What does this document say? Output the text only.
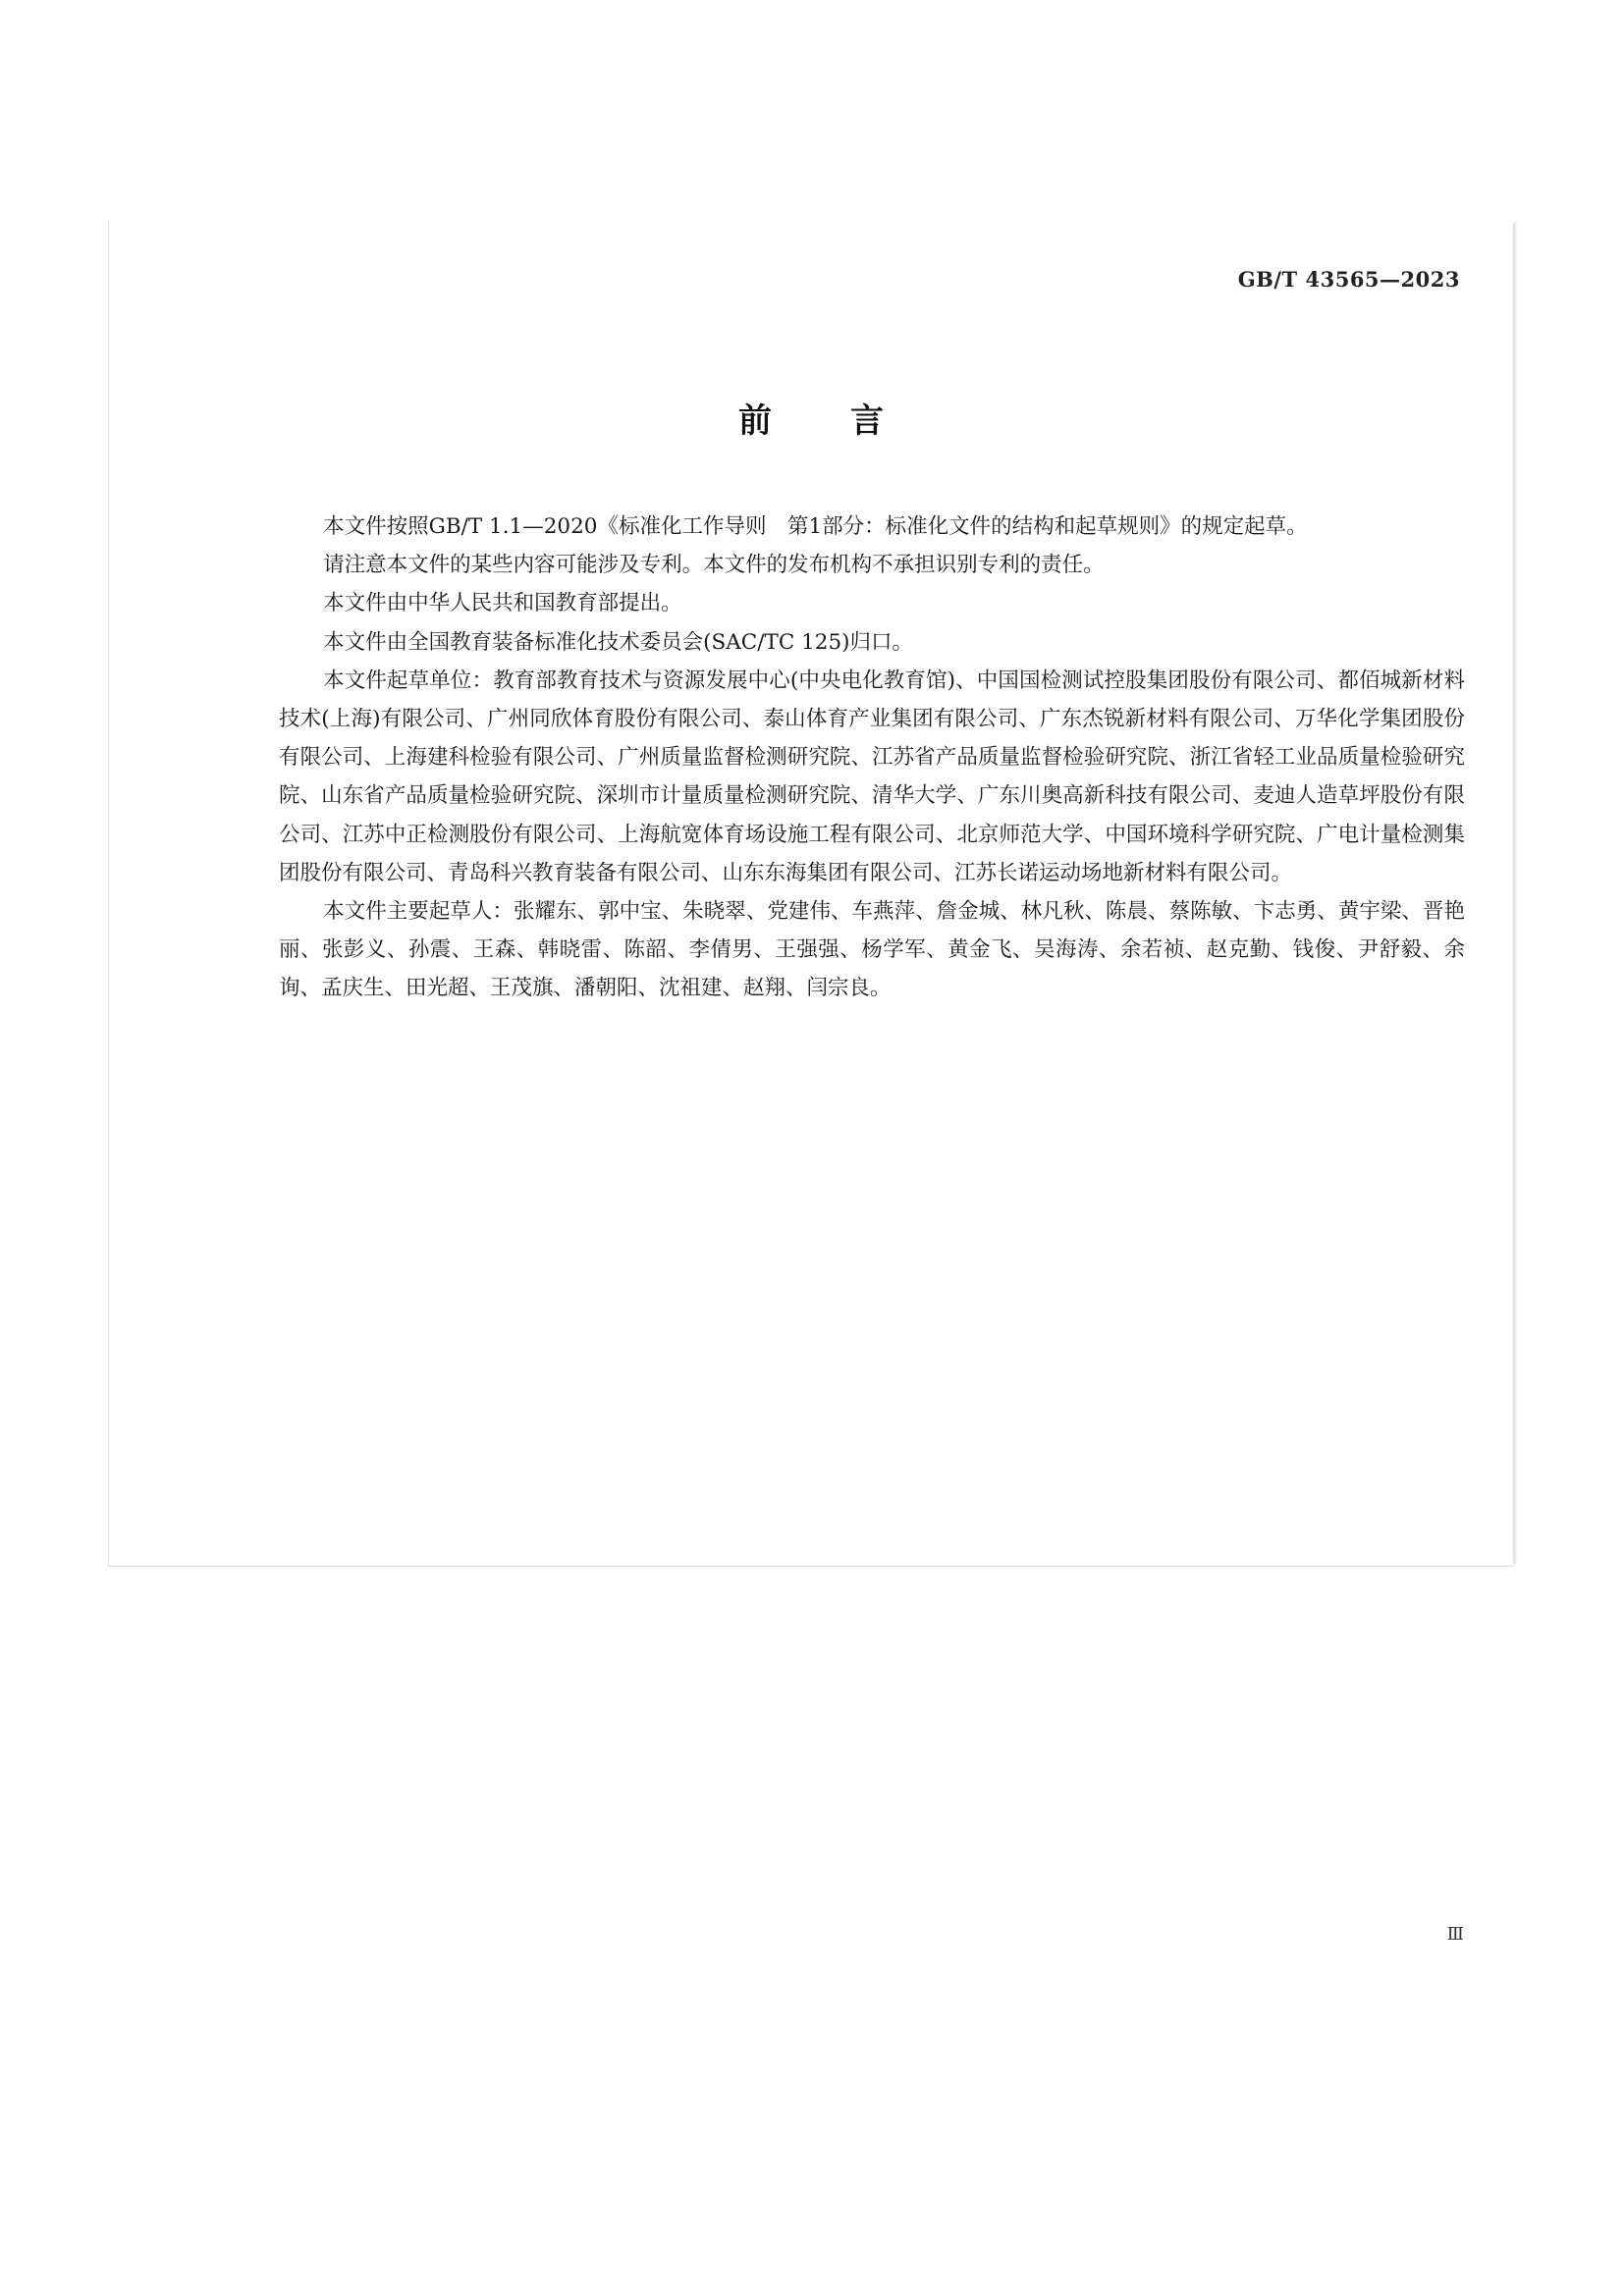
GB/T 43565—2023
前言

本文件按照GB/T 1.1—2020《标准化工作导则　第1部分：标准化文件的结构和起草规则》的规定起草。

请注意本文件的某些内容可能涉及专利。本文件的发布机构不承担识别专利的责任。

本文件由中华人民共和国教育部提出。

本文件由全国教育装备标准化技术委员会(SAC/TC 125)归口。

本文件起草单位：教育部教育技术与资源发展中心(中央电化教育馆)、中国国检测试控股集团股份有限公司、都佰城新材料技术(上海)有限公司、广州同欣体育股份有限公司、泰山体育产业集团有限公司、广东杰锐新材料有限公司、万华化学集团股份有限公司、上海建科检验有限公司、广州质量监督检测研究院、江苏省产品质量监督检验研究院、浙江省轻工业品质量检验研究院、山东省产品质量检验研究院、深圳市计量质量检测研究院、清华大学、广东川奥高新科技有限公司、麦迪人造草坪股份有限公司、江苏中正检测股份有限公司、上海航宽体育场设施工程有限公司、北京师范大学、中国环境科学研究院、广电计量检测集团股份有限公司、青岛科兴教育装备有限公司、山东东海集团有限公司、江苏长诺运动场地新材料有限公司。

本文件主要起草人：张耀东、郭中宝、朱晓翠、党建伟、车燕萍、詹金城、林凡秋、陈晨、蔡陈敏、卞志勇、黄宇梁、晋艳丽、张彭义、孙震、王森、韩晓雷、陈韶、李倩男、王强强、杨学军、黄金飞、吴海涛、余若祯、赵克勤、钱俊、尹舒毅、余询、孟庆生、田光超、王茂旗、潘朝阳、沈祖建、赵翔、闫宗良。

Ⅲ
